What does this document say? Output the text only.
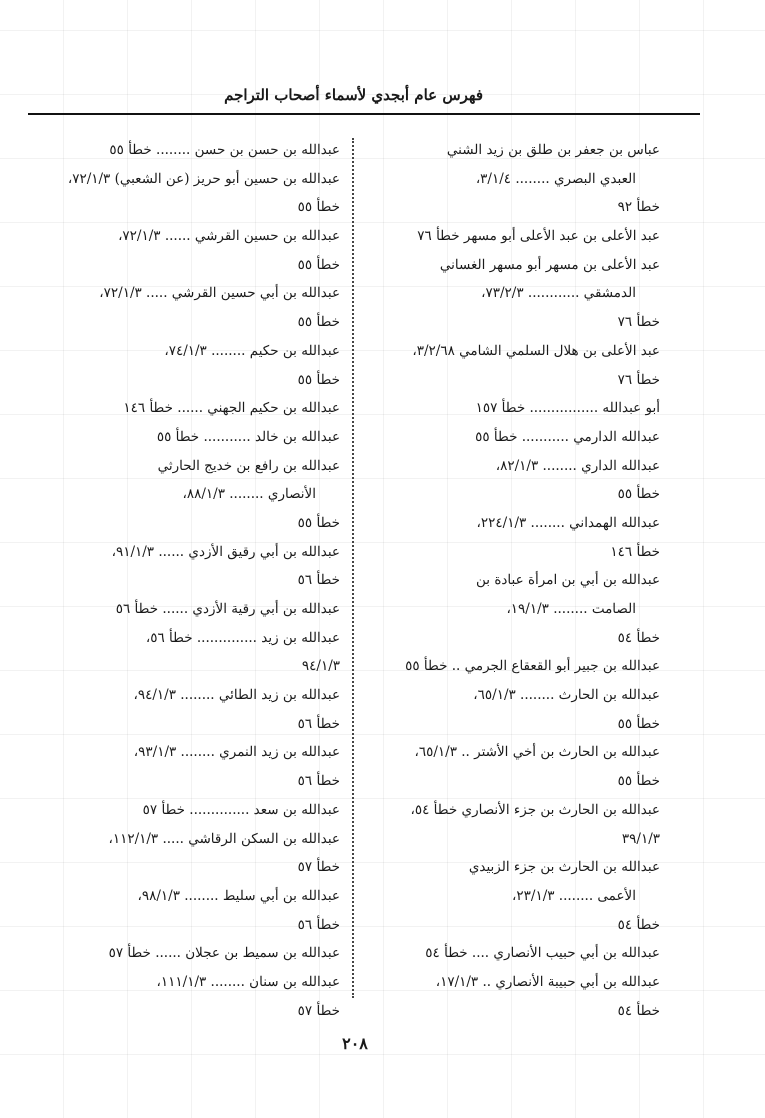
فهرس عام أبجدي لأسماء أصحاب التراجم
عباس بن جعفر بن طلق بن زيد الشني
العبدي البصري ........ ٣/١/٤،
خطأ ٩٢
عبد الأعلى بن عبد الأعلى أبو مسهر خطأ ٧٦
عبد الأعلى بن مسهر أبو مسهر الغساني
الدمشقي ............ ٧٣/٢/٣،
خطأ ٧٦
عبد الأعلى بن هلال السلمي الشامي ٣/٢/٦٨،
خطأ ٧٦
أبو عبدالله ................ خطأ ١٥٧
عبدالله الدارمي ........... خطأ ٥٥
عبدالله الداري ........ ٨٢/١/٣،
خطأ ٥٥
عبدالله الهمداني ........ ٢٢٤/١/٣،
خطأ ١٤٦
عبدالله بن أبي بن امرأة عبادة بن
الصامت ........ ١٩/١/٣،
خطأ ٥٤
عبدالله بن جبير أبو القعقاع الجرمي .. خطأ ٥٥
عبدالله بن الحارث ........ ٦٥/١/٣،
خطأ ٥٥
عبدالله بن الحارث بن أخي الأشتر .. ٦٥/١/٣،
خطأ ٥٥
عبدالله بن الحارث بن جزء الأنصاري خطأ ٥٤،
٣٩/١/٣
عبدالله بن الحارث بن جزء الزبيدي
الأعمى ........ ٢٣/١/٣،
خطأ ٥٤
عبدالله بن أبي حبيب الأنصاري .... خطأ ٥٤
عبدالله بن أبي حبيبة الأنصاري .. ١٧/١/٣،
خطأ ٥٤
عبدالله بن حسن بن حسن ........ خطأ ٥٥
عبدالله بن حسين أبو حريز (عن الشعبي) ٧٢/١/٣،
خطأ ٥٥
عبدالله بن حسين القرشي ...... ٧٢/١/٣،
خطأ ٥٥
عبدالله بن أبي حسين القرشي ..... ٧٢/١/٣،
خطأ ٥٥
عبدالله بن حكيم ........ ٧٤/١/٣،
خطأ ٥٥
عبدالله بن حكيم الجهني ...... خطأ ١٤٦
عبدالله بن خالد ........... خطأ ٥٥
عبدالله بن رافع بن خديج الحارثي
الأنصاري ........ ٨٨/١/٣،
خطأ ٥٥
عبدالله بن أبي رقيق الأزدي ...... ٩١/١/٣،
خطأ ٥٦
عبدالله بن أبي رقية الأزدي ...... خطأ ٥٦
عبدالله بن زيد .............. خطأ ٥٦،
٩٤/١/٣
عبدالله بن زيد الطائي ........ ٩٤/١/٣،
خطأ ٥٦
عبدالله بن زيد النمري ........ ٩٣/١/٣،
خطأ ٥٦
عبدالله بن سعد .............. خطأ ٥٧
عبدالله بن السكن الرقاشي ..... ١١٢/١/٣،
خطأ ٥٧
عبدالله بن أبي سليط ........ ٩٨/١/٣،
خطأ ٥٦
عبدالله بن سميط بن عجلان ...... خطأ ٥٧
عبدالله بن سنان ........ ١١١/١/٣،
خطأ ٥٧
٢٠٨
